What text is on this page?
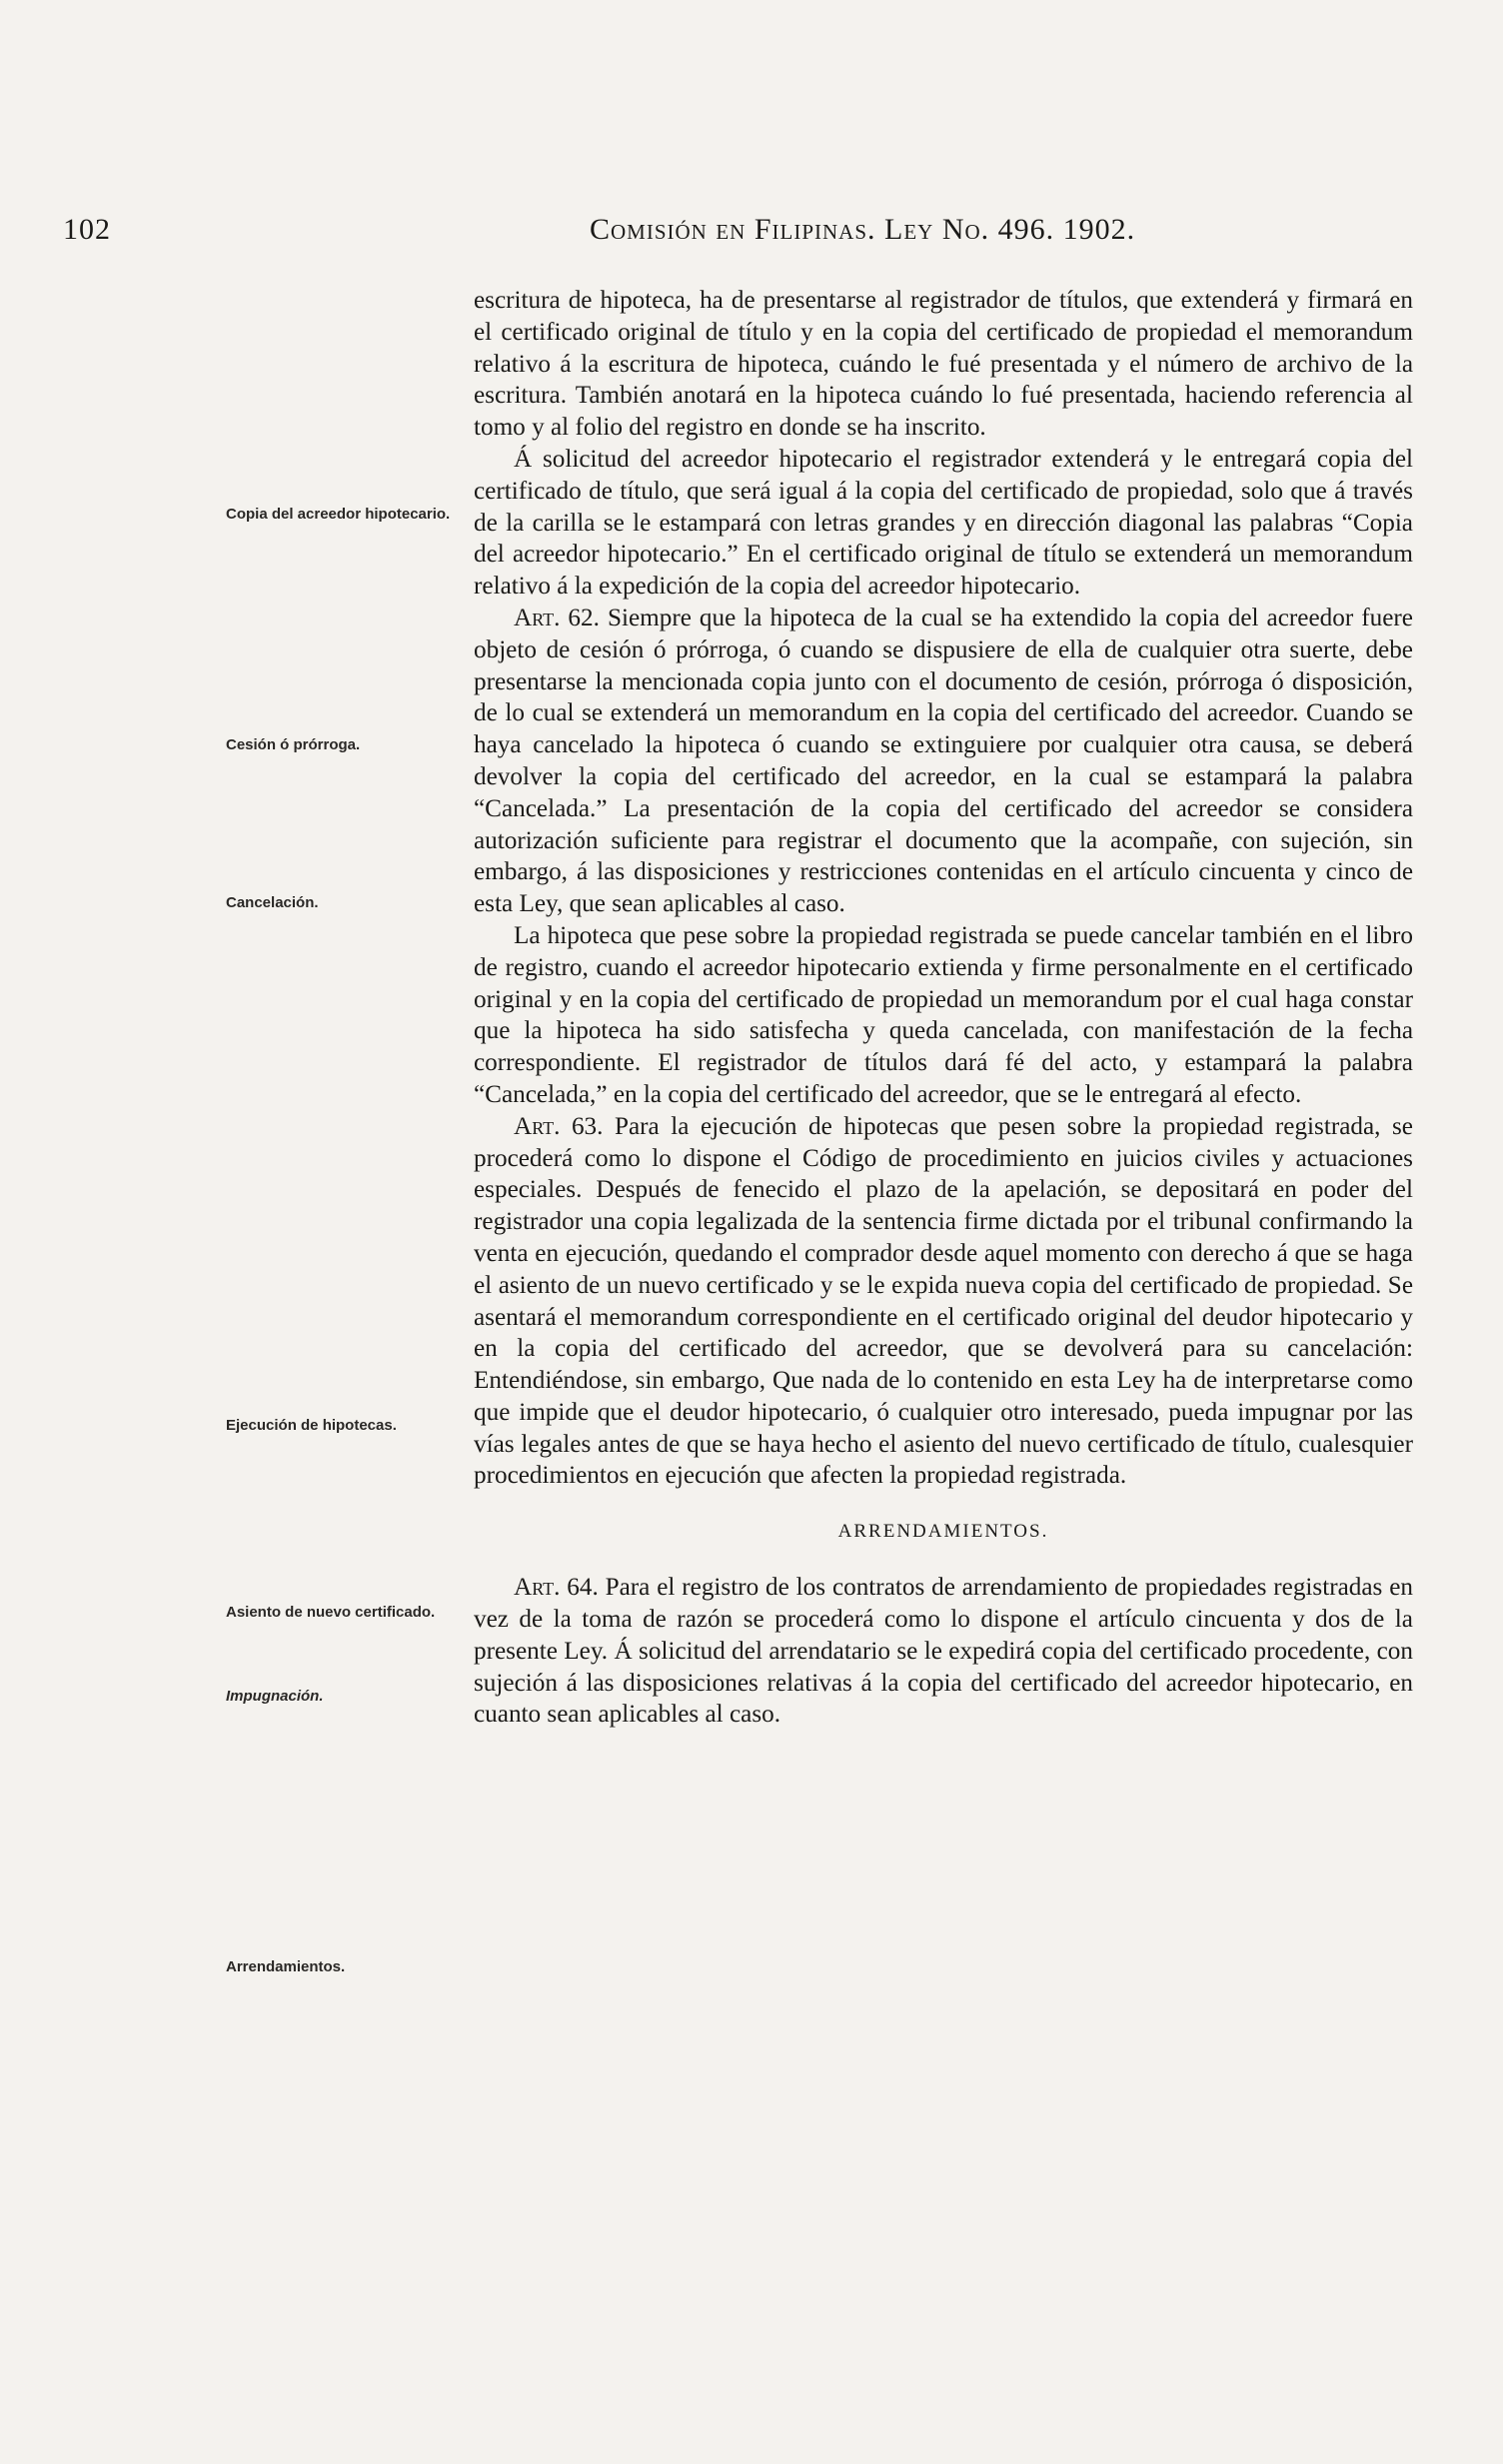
102	Comisión en Filipinas. Ley No. 496. 1902.
Copia del acreedor hipotecario.
Cesión ó prórroga.
Cancelación.
Ejecución de hipotecas.
Asiento de nuevo certificado.
Impugnación.
Arrendamientos.

escritura de hipoteca, ha de presentarse al registrador de títulos, que extenderá y firmará en el certificado original de título y en la copia del certificado de propiedad el memorandum relativo á la escritura de hipoteca, cuándo le fué presentada y el número de archivo de la escritura. También anotará en la hipoteca cuándo lo fué presentada, haciendo referencia al tomo y al folio del registro en donde se ha inscrito.

Á solicitud del acreedor hipotecario el registrador extenderá y le entregará copia del certificado de título, que será igual á la copia del certificado de propiedad, solo que á través de la carilla se le estampará con letras grandes y en dirección diagonal las palabras “Copia del acreedor hipotecario.” En el certificado original de título se extenderá un memorandum relativo á la expedición de la copia del acreedor hipotecario.

Art. 62. Siempre que la hipoteca de la cual se ha extendido la copia del acreedor fuere objeto de cesión ó prórroga, ó cuando se dispusiere de ella de cualquier otra suerte, debe presentarse la mencionada copia junto con el documento de cesión, prórroga ó disposición, de lo cual se extenderá un memorandum en la copia del certificado del acreedor. Cuando se haya cancelado la hipoteca ó cuando se extinguiere por cualquier otra causa, se deberá devolver la copia del certificado del acreedor, en la cual se estampará la palabra “Cancelada.” La presentación de la copia del certificado del acreedor se considera autorización suficiente para registrar el documento que la acompañe, con sujeción, sin embargo, á las disposiciones y restricciones contenidas en el artículo cincuenta y cinco de esta Ley, que sean aplicables al caso.

La hipoteca que pese sobre la propiedad registrada se puede cancelar también en el libro de registro, cuando el acreedor hipotecario extienda y firme personalmente en el certificado original y en la copia del certificado de propiedad un memorandum por el cual haga constar que la hipoteca ha sido satisfecha y queda cancelada, con manifestación de la fecha correspondiente. El registrador de títulos dará fé del acto, y estampará la palabra “Cancelada,” en la copia del certificado del acreedor, que se le entregará al efecto.

Art. 63. Para la ejecución de hipotecas que pesen sobre la propiedad registrada, se procederá como lo dispone el Código de procedimiento en juicios civiles y actuaciones especiales. Después de fenecido el plazo de la apelación, se depositará en poder del registrador una copia legalizada de la sentencia firme dictada por el tribunal confirmando la venta en ejecución, quedando el comprador desde aquel momento con derecho á que se haga el asiento de un nuevo certificado y se le expida nueva copia del certificado de propiedad. Se asentará el memorandum correspondiente en el certificado original del deudor hipotecario y en la copia del certificado del acreedor, que se devolverá para su cancelación: Entendiéndose, sin embargo, Que nada de lo contenido en esta Ley ha de interpretarse como que impide que el deudor hipotecario, ó cualquier otro interesado, pueda impugnar por las vías legales antes de que se haya hecho el asiento del nuevo certificado de título, cualesquier procedimientos en ejecución que afecten la propiedad registrada.

ARRENDAMIENTOS.

Art. 64. Para el registro de los contratos de arrendamiento de propiedades registradas en vez de la toma de razón se procederá como lo dispone el artículo cincuenta y dos de la presente Ley. Á solicitud del arrendatario se le expedirá copia del certificado procedente, con sujeción á las disposiciones relativas á la copia del certificado del acreedor hipotecario, en cuanto sean aplicables al caso.
